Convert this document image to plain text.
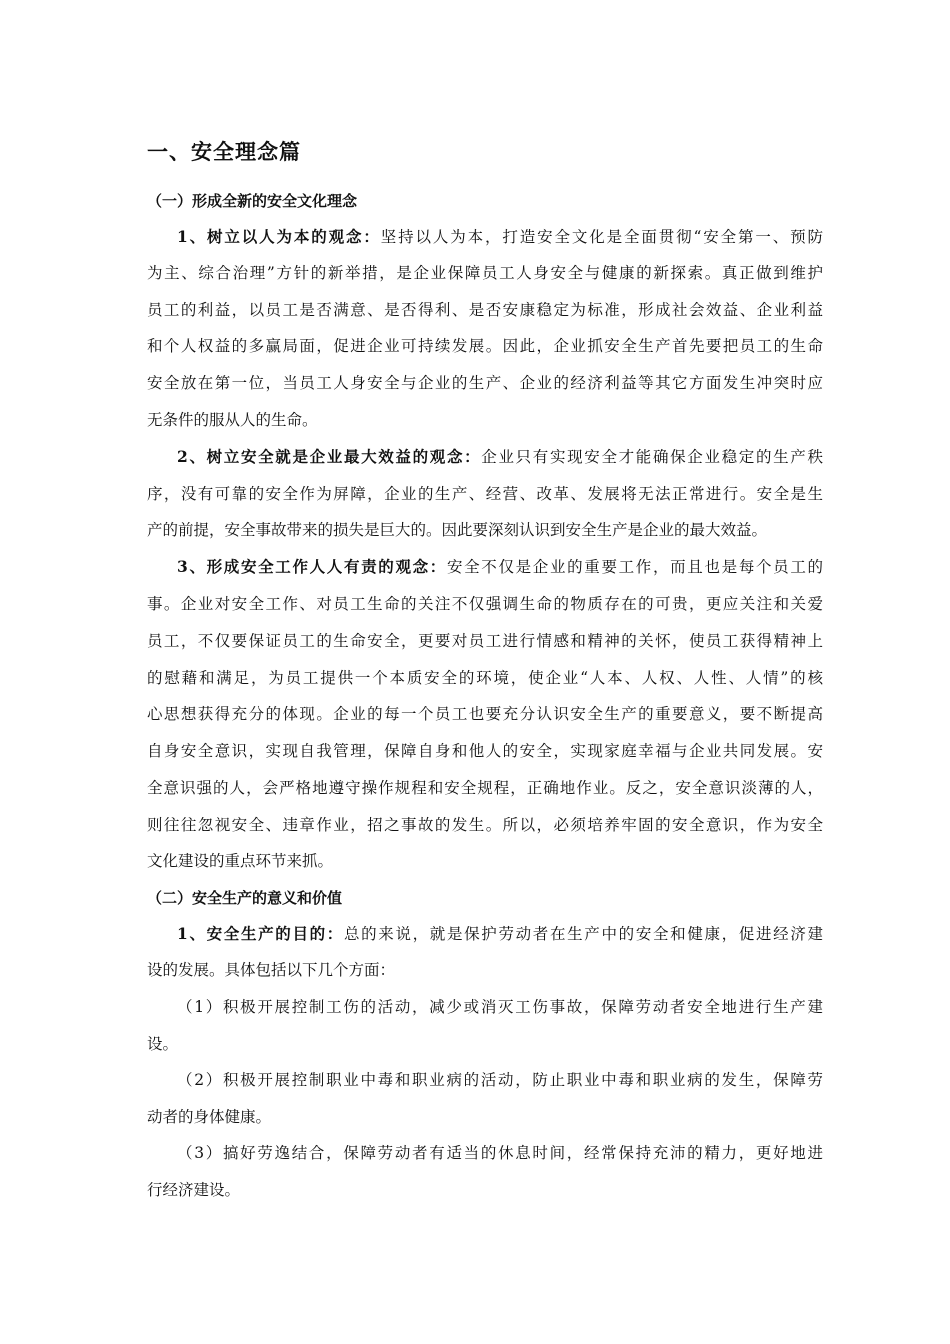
一、安全理念篇
（一）形成全新的安全文化理念
1、树立以人为本的观念：坚持以人为本，打造安全文化是全面贯彻“安全第一、预防
为主、综合治理”方针的新举措，是企业保障员工人身安全与健康的新探索。真正做到维护
员工的利益，以员工是否满意、是否得利、是否安康稳定为标准，形成社会效益、企业利益
和个人权益的多赢局面，促进企业可持续发展。因此，企业抓安全生产首先要把员工的生命
安全放在第一位，当员工人身安全与企业的生产、企业的经济利益等其它方面发生冲突时应
无条件的服从人的生命。
2、树立安全就是企业最大效益的观念：企业只有实现安全才能确保企业稳定的生产秩
序，没有可靠的安全作为屏障，企业的生产、经营、改革、发展将无法正常进行。安全是生
产的前提，安全事故带来的损失是巨大的。因此要深刻认识到安全生产是企业的最大效益。
3、形成安全工作人人有责的观念：安全不仅是企业的重要工作，而且也是每个员工的
事。企业对安全工作、对员工生命的关注不仅强调生命的物质存在的可贵，更应关注和关爱
员工，不仅要保证员工的生命安全，更要对员工进行情感和精神的关怀，使员工获得精神上
的慰藉和满足，为员工提供一个本质安全的环境，使企业“人本、人权、人性、人情”的核
心思想获得充分的体现。企业的每一个员工也要充分认识安全生产的重要意义，要不断提高
自身安全意识，实现自我管理，保障自身和他人的安全，实现家庭幸福与企业共同发展。安
全意识强的人，会严格地遵守操作规程和安全规程，正确地作业。反之，安全意识淡薄的人，
则往往忽视安全、违章作业，招之事故的发生。所以，必须培养牢固的安全意识，作为安全
文化建设的重点环节来抓。
（二）安全生产的意义和价值
1、安全生产的目的：总的来说，就是保护劳动者在生产中的安全和健康，促进经济建
设的发展。具体包括以下几个方面：
（1）积极开展控制工伤的活动，减少或消灭工伤事故，保障劳动者安全地进行生产建
设。
（2）积极开展控制职业中毒和职业病的活动，防止职业中毒和职业病的发生，保障劳
动者的身体健康。
（3）搞好劳逸结合，保障劳动者有适当的休息时间，经常保持充沛的精力，更好地进
行经济建设。
